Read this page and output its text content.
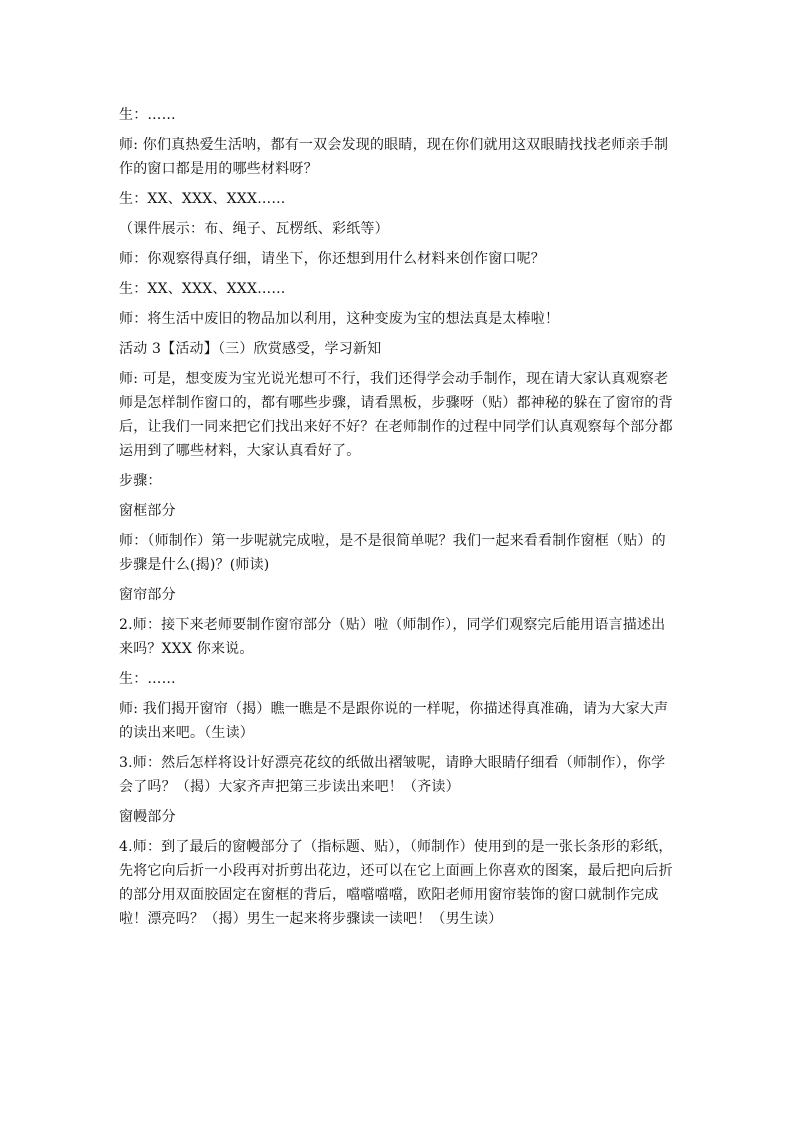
生：……

师: 你们真热爱生活呐，都有一双会发现的眼睛，现在你们就用这双眼睛找找老师亲手制作的窗口都是用的哪些材料呀？

生：XX、XXX、XXX……

（课件展示：布、绳子、瓦楞纸、彩纸等）

师：你观察得真仔细，请坐下，你还想到用什么材料来创作窗口呢？

生：XX、XXX、XXX……

师：将生活中废旧的物品加以利用，这种变废为宝的想法真是太棒啦！

活动 3【活动】（三）欣赏感受，学习新知

师: 可是，想变废为宝光说光想可不行，我们还得学会动手制作，现在请大家认真观察老师是怎样制作窗口的，都有哪些步骤，请看黑板，步骤呀（贴）都神秘的躲在了窗帘的背后，让我们一同来把它们找出来好不好？在老师制作的过程中同学们认真观察每个部分都运用到了哪些材料，大家认真看好了。

步骤：

窗框部分

师：（师制作）第一步呢就完成啦，是不是很简单呢？我们一起来看看制作窗框（贴）的步骤是什么(揭)？(师读)

窗帘部分

2.师：接下来老师要制作窗帘部分（贴）啦（师制作），同学们观察完后能用语言描述出来吗？XXX 你来说。

生：……

师: 我们揭开窗帘（揭）瞧一瞧是不是跟你说的一样呢，你描述得真准确，请为大家大声的读出来吧。（生读）

3.师：然后怎样将设计好漂亮花纹的纸做出褶皱呢，请睁大眼睛仔细看（师制作），你学会了吗？（揭）大家齐声把第三步读出来吧！（齐读）

窗幔部分

4.师：到了最后的窗幔部分了（指标题、贴），（师制作）使用到的是一张长条形的彩纸，先将它向后折一小段再对折剪出花边，还可以在它上面画上你喜欢的图案，最后把向后折的部分用双面胶固定在窗框的背后，噹噹噹噹，欧阳老师用窗帘装饰的窗口就制作完成啦！漂亮吗？（揭）男生一起来将步骤读一读吧！（男生读）
